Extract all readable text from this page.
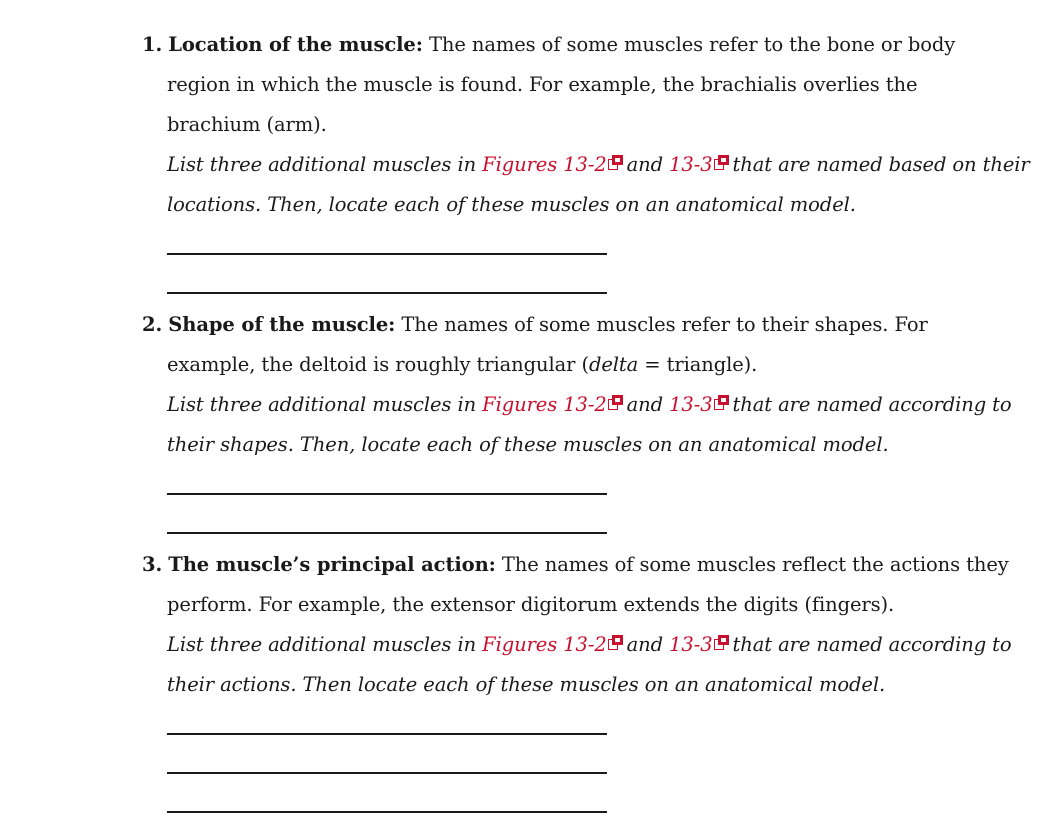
1. Location of the muscle: The names of some muscles refer to the bone or body
region in which the muscle is found. For example, the brachialis overlies the
brachium (arm).
List three additional muscles in Figures 13-2 and 13-3 that are named based on their
locations. Then, locate each of these muscles on an anatomical model.
2. Shape of the muscle: The names of some muscles refer to their shapes. For
example, the deltoid is roughly triangular (delta = triangle).
List three additional muscles in Figures 13-2 and 13-3 that are named according to
their shapes. Then, locate each of these muscles on an anatomical model.
3. The muscle’s principal action: The names of some muscles reflect the actions they
perform. For example, the extensor digitorum extends the digits (fingers).
List three additional muscles in Figures 13-2 and 13-3 that are named according to
their actions. Then locate each of these muscles on an anatomical model.
